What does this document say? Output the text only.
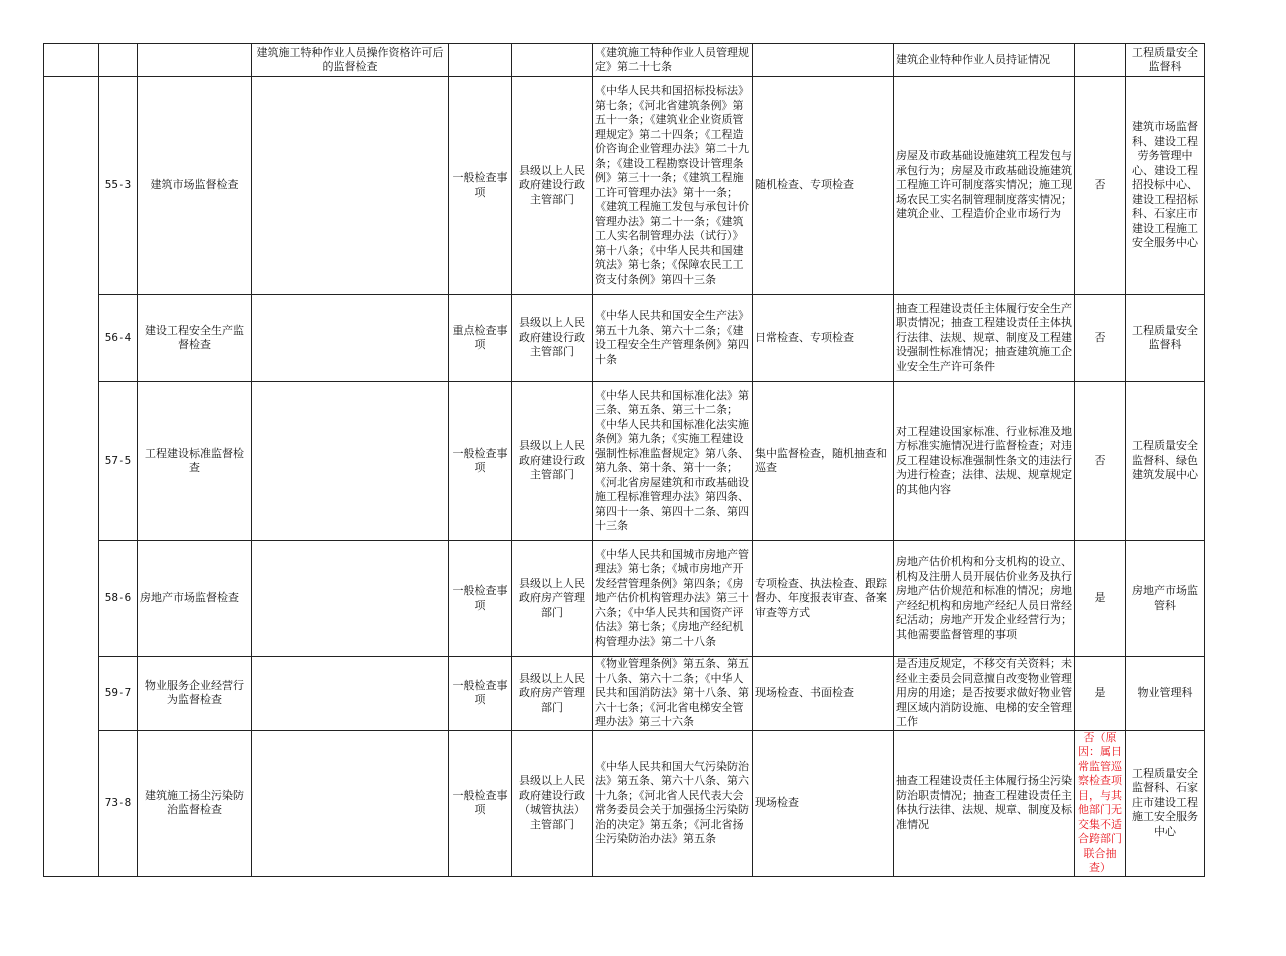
			建筑施工特种作业人员操作资格许可后的监督检查			《建筑施工特种作业人员管理规定》第二十七条		建筑企业特种作业人员持证情况		工程质量安全监督科
	55-3	建筑市场监督检查		一般检查事项	县级以上人民政府建设行政主管部门	《中华人民共和国招标投标法》第七条；《河北省建筑条例》第五十一条；《建筑业企业资质管理规定》第二十四条；《工程造价咨询企业管理办法》第二十九条；《建设工程勘察设计管理条例》第三十一条；《建筑工程施工许可管理办法》第十一条；《建筑工程施工发包与承包计价管理办法》第二十一条；《建筑工人实名制管理办法（试行）》第十八条；《中华人民共和国建筑法》第七条；《保障农民工工资支付条例》第四十三条	随机检查、专项检查	房屋及市政基础设施建筑工程发包与承包行为；房屋及市政基础设施建筑工程施工许可制度落实情况；施工现场农民工实名制管理制度落实情况；建筑企业、工程造价企业市场行为	否	建筑市场监督科、建设工程劳务管理中心、建设工程招投标中心、建设工程招标科、石家庄市建设工程施工安全服务中心
	56-4	建设工程安全生产监督检查		重点检查事项	县级以上人民政府建设行政主管部门	《中华人民共和国安全生产法》第五十九条、第六十二条；《建设工程安全生产管理条例》第四十条	日常检查、专项检查	抽查工程建设责任主体履行安全生产职责情况；抽查工程建设责任主体执行法律、法规、规章、制度及工程建设强制性标准情况；抽查建筑施工企业安全生产许可条件	否	工程质量安全监督科
	57-5	工程建设标准监督检查		一般检查事项	县级以上人民政府建设行政主管部门	《中华人民共和国标准化法》第三条、第五条、第三十二条；《中华人民共和国标准化法实施条例》第九条；《实施工程建设强制性标准监督规定》第八条、第九条、第十条、第十一条；《河北省房屋建筑和市政基础设施工程标准管理办法》第四条、第四十一条、第四十二条、第四十三条	集中监督检查，随机抽查和巡查	对工程建设国家标准、行业标准及地方标准实施情况进行监督检查；对违反工程建设标准强制性条文的违法行为进行检查；法律、法规、规章规定的其他内容	否	工程质量安全监督科、绿色建筑发展中心
	58-6	房地产市场监督检查		一般检查事项	县级以上人民政府房产管理部门	《中华人民共和国城市房地产管理法》第七条；《城市房地产开发经营管理条例》第四条；《房地产估价机构管理办法》第三十六条；《中华人民共和国资产评估法》第七条；《房地产经纪机构管理办法》第二十八条	专项检查、执法检查、跟踪督办、年度报表审查、备案审查等方式	房地产估价机构和分支机构的设立、机构及注册人员开展估价业务及执行房地产估价规范和标准的情况；房地产经纪机构和房地产经纪人员日常经纪活动；房地产开发企业经营行为；其他需要监督管理的事项	是	房地产市场监管科
	59-7	物业服务企业经营行为监督检查		一般检查事项	县级以上人民政府房产管理部门	《物业管理条例》第五条、第五十八条、第六十二条；《中华人民共和国消防法》第十八条、第六十七条；《河北省电梯安全管理办法》第三十六条	现场检查、书面检查	是否违反规定，不移交有关资料；未经业主委员会同意擅自改变物业管理用房的用途；是否按要求做好物业管理区域内消防设施、电梯的安全管理工作	是	物业管理科
	73-8	建筑施工扬尘污染防治监督检查		一般检查事项	县级以上人民政府建设行政（城管执法）主管部门	《中华人民共和国大气污染防治法》第五条、第六十八条、第六十九条；《河北省人民代表大会常务委员会关于加强扬尘污染防治的决定》第五条；《河北省扬尘污染防治办法》第五条	现场检查	抽查工程建设责任主体履行扬尘污染防治职责情况；抽查工程建设责任主体执行法律、法规、规章、制度及标准情况	否（原因：属日常监管巡察检查项目，与其他部门无交集不适合跨部门联合抽查）	工程质量安全监督科、石家庄市建设工程施工安全服务中心
